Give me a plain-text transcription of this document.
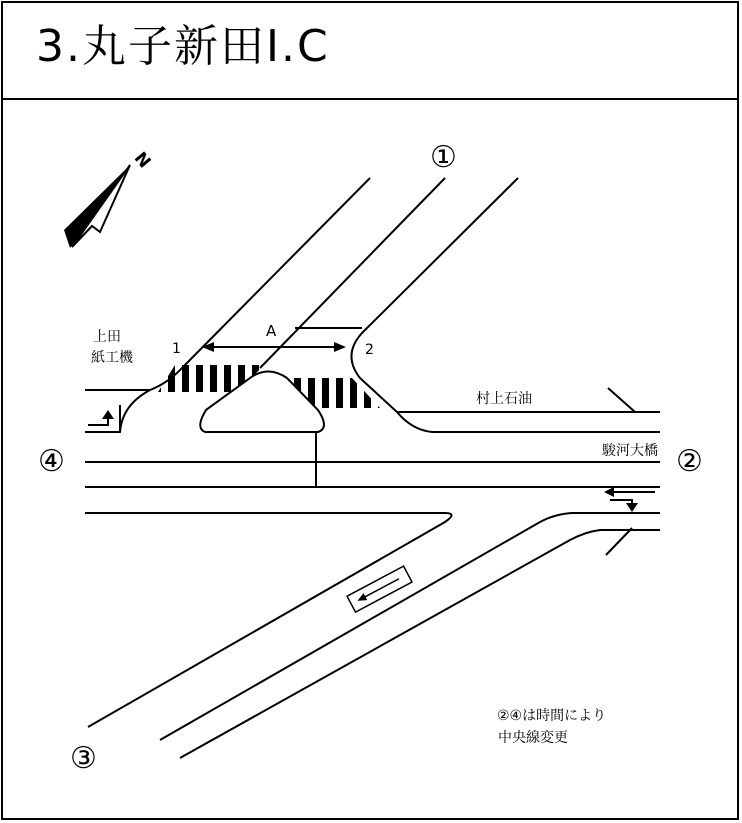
3.丸子新田I.C
N	①
②
③
④
1	2
A
上田
紙工機
村上石油
駿河大橋
②④は時間により
中央線変更
